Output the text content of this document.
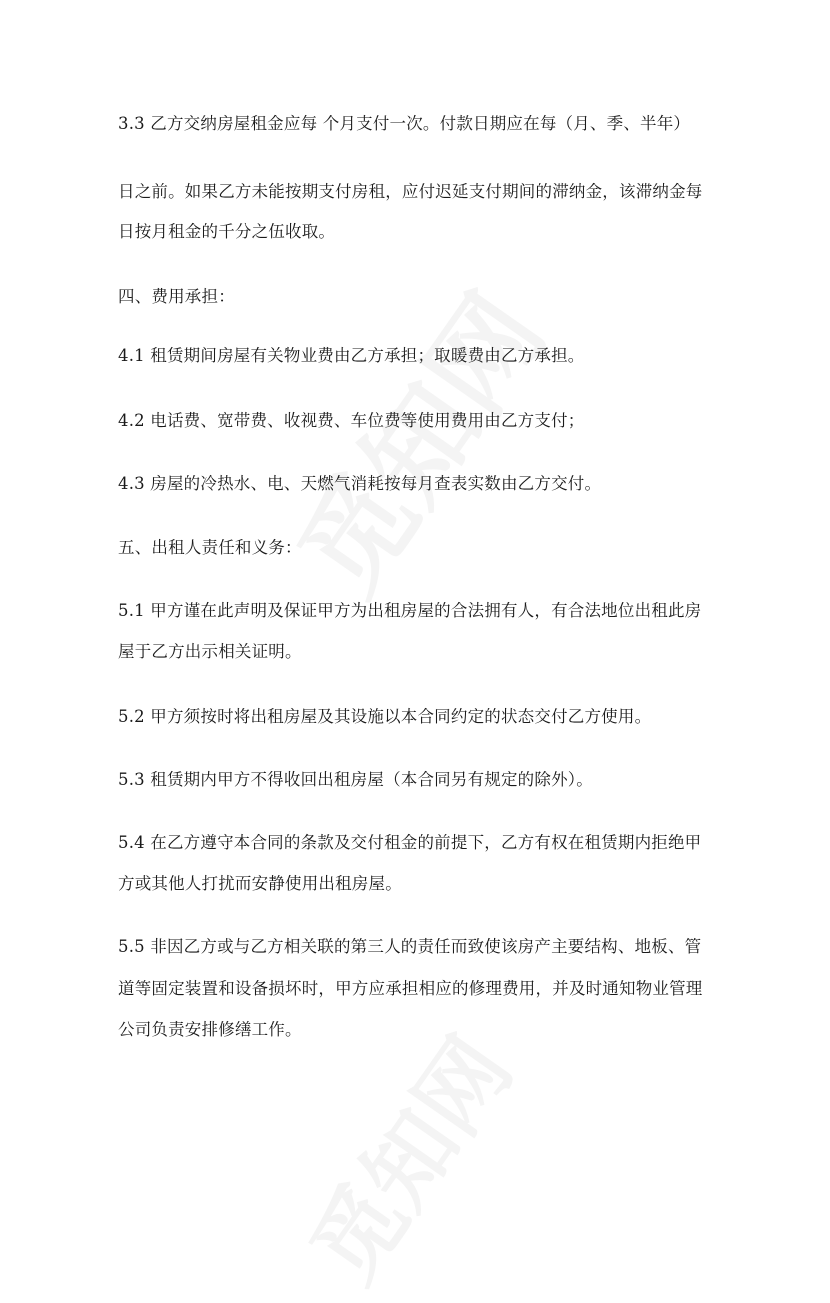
3.3 乙方交纳房屋租金应每 个月支付一次。付款日期应在每（月、季、半年）
日之前。如果乙方未能按期支付房租，应付迟延支付期间的滞纳金，该滞纳金每
日按月租金的千分之伍收取。
四、费用承担：
4.1 租赁期间房屋有关物业费由乙方承担；取暖费由乙方承担。
4.2 电话费、宽带费、收视费、车位费等使用费用由乙方支付；
4.3 房屋的冷热水、电、天燃气消耗按每月查表实数由乙方交付。
五、出租人责任和义务：
5.1 甲方谨在此声明及保证甲方为出租房屋的合法拥有人，有合法地位出租此房
屋于乙方出示相关证明。
5.2 甲方须按时将出租房屋及其设施以本合同约定的状态交付乙方使用。
5.3 租赁期内甲方不得收回出租房屋（本合同另有规定的除外）。
5.4 在乙方遵守本合同的条款及交付租金的前提下，乙方有权在租赁期内拒绝甲
方或其他人打扰而安静使用出租房屋。
5.5 非因乙方或与乙方相关联的第三人的责任而致使该房产主要结构、地板、管
道等固定装置和设备损坏时，甲方应承担相应的修理费用，并及时通知物业管理
公司负责安排修缮工作。
